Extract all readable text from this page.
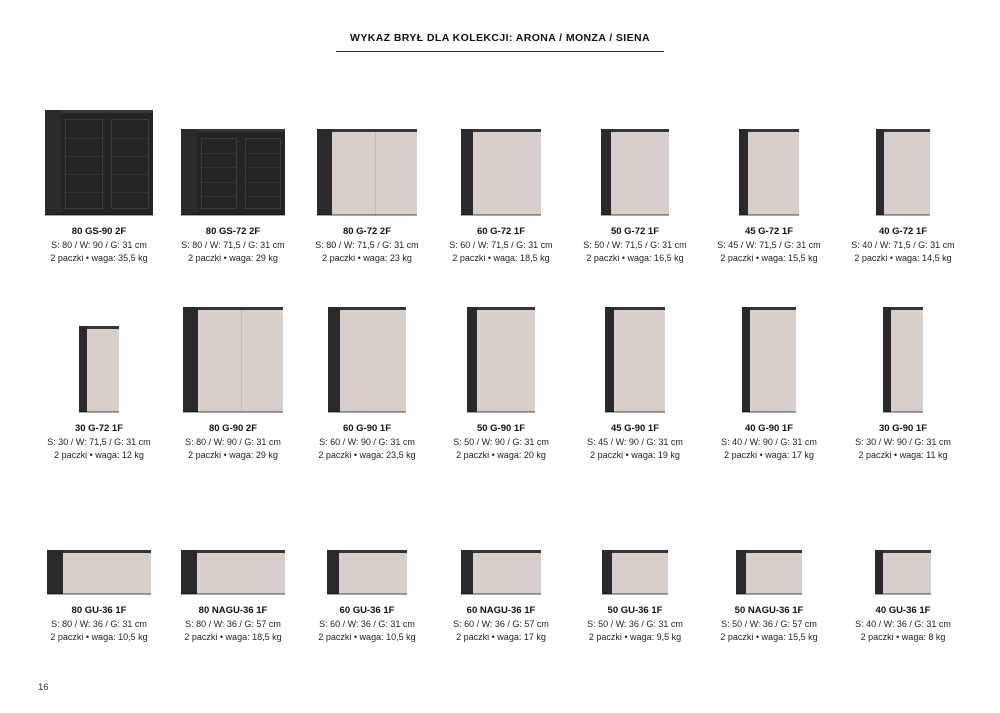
WYKAZ BRYŁ DLA KOLEKCJI: ARONA / MONZA / SIENA
80 GS-90 2F
S: 80 / W: 90 / G: 31 cm
2 paczki • waga: 35,5 kg
80 GS-72 2F
S: 80 / W: 71,5 / G: 31 cm
2 paczki • waga: 29 kg
80 G-72 2F
S: 80 / W: 71,5 / G: 31 cm
2 paczki • waga: 23 kg
60 G-72 1F
S: 60 / W: 71,5 / G: 31 cm
2 paczki • waga: 18,5 kg
50 G-72 1F
S: 50 / W: 71,5 / G: 31 cm
2 paczki • waga: 16,5 kg
45 G-72 1F
S: 45 / W: 71,5 / G: 31 cm
2 paczki • waga: 15,5 kg
40 G-72 1F
S: 40 / W: 71,5 / G: 31 cm
2 paczki • waga: 14,5 kg
30 G-72 1F
S: 30 / W: 71,5 / G: 31 cm
2 paczki • waga: 12 kg
80 G-90 2F
S: 80 / W: 90 / G: 31 cm
2 paczki • waga: 29 kg
60 G-90 1F
S: 60 / W: 90 / G: 31 cm
2 paczki • waga: 23,5 kg
50 G-90 1F
S: 50 / W: 90 / G: 31 cm
2 paczki • waga: 20 kg
45 G-90 1F
S: 45 / W: 90 / G: 31 cm
2 paczki • waga: 19 kg
40 G-90 1F
S: 40 / W: 90 / G: 31 cm
2 paczki • waga: 17 kg
30 G-90 1F
S: 30 / W: 90 / G: 31 cm
2 paczki • waga: 11 kg
80 GU-36 1F
S: 80 / W: 36 / G: 31 cm
2 paczki • waga: 10,5 kg
80 NAGU-36 1F
S: 80 / W: 36 / G: 57 cm
2 paczki • waga: 18,5 kg
60 GU-36 1F
S: 60 / W: 36 / G: 31 cm
2 paczki • waga: 10,5 kg
60 NAGU-36 1F
S: 60 / W: 36 / G: 57 cm
2 paczki • waga: 17 kg
50 GU-36 1F
S: 50 / W: 36 / G: 31 cm
2 paczki • waga: 9,5 kg
50 NAGU-36 1F
S: 50 / W: 36 / G: 57 cm
2 paczki • waga: 15,5 kg
40 GU-36 1F
S: 40 / W: 36 / G: 31 cm
2 paczki • waga: 8 kg
16
